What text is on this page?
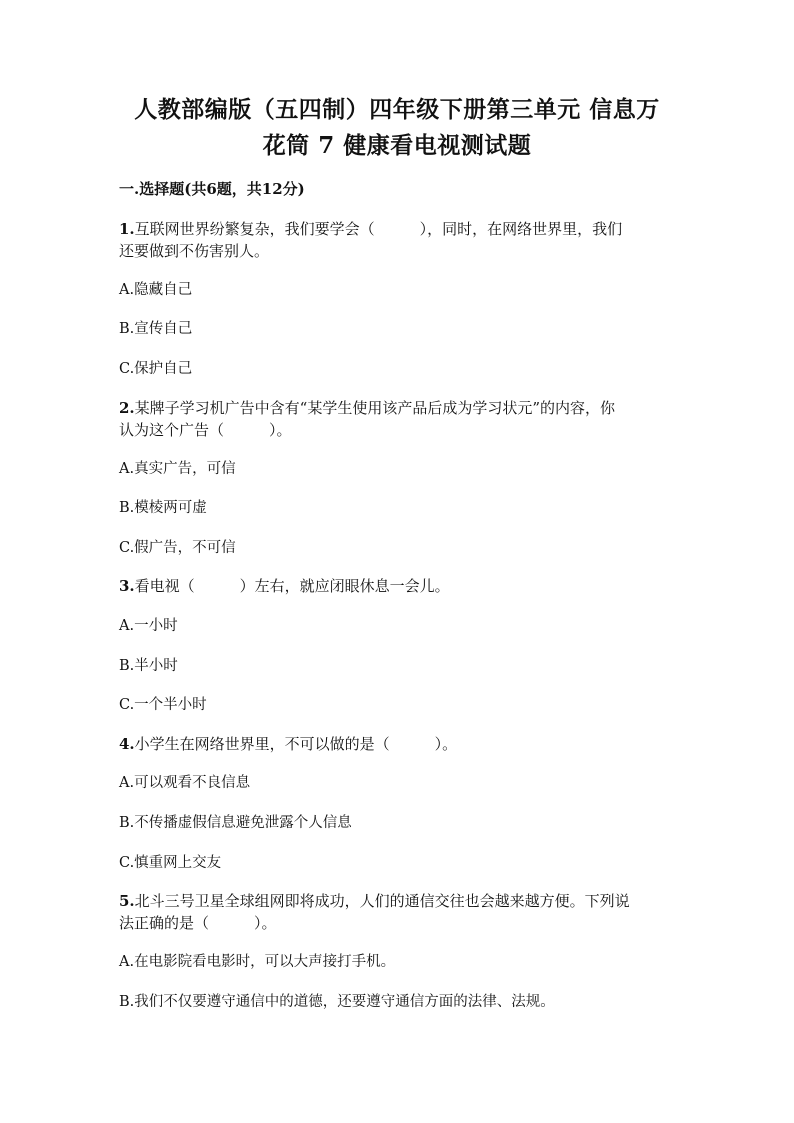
人教部编版（五四制）四年级下册第三单元 信息万
花筒 7 健康看电视测试题
一.选择题(共6题，共12分)
1.互联网世界纷繁复杂，我们要学会（　　　），同时，在网络世界里，我们
还要做到不伤害别人。
A.隐藏自己
B.宣传自己
C.保护自己
2.某牌子学习机广告中含有“某学生使用该产品后成为学习状元”的内容，你
认为这个广告（　　　）。
A.真实广告，可信
B.模棱两可虚
C.假广告，不可信
3.看电视（　　　）左右，就应闭眼休息一会儿。
A.一小时
B.半小时
C.一个半小时
4.小学生在网络世界里，不可以做的是（　　　）。
A.可以观看不良信息
B.不传播虚假信息避免泄露个人信息
C.慎重网上交友
5.北斗三号卫星全球组网即将成功，人们的通信交往也会越来越方便。下列说
法正确的是（　　　）。
A.在电影院看电影时，可以大声接打手机。
B.我们不仅要遵守通信中的道德，还要遵守通信方面的法律、法规。
